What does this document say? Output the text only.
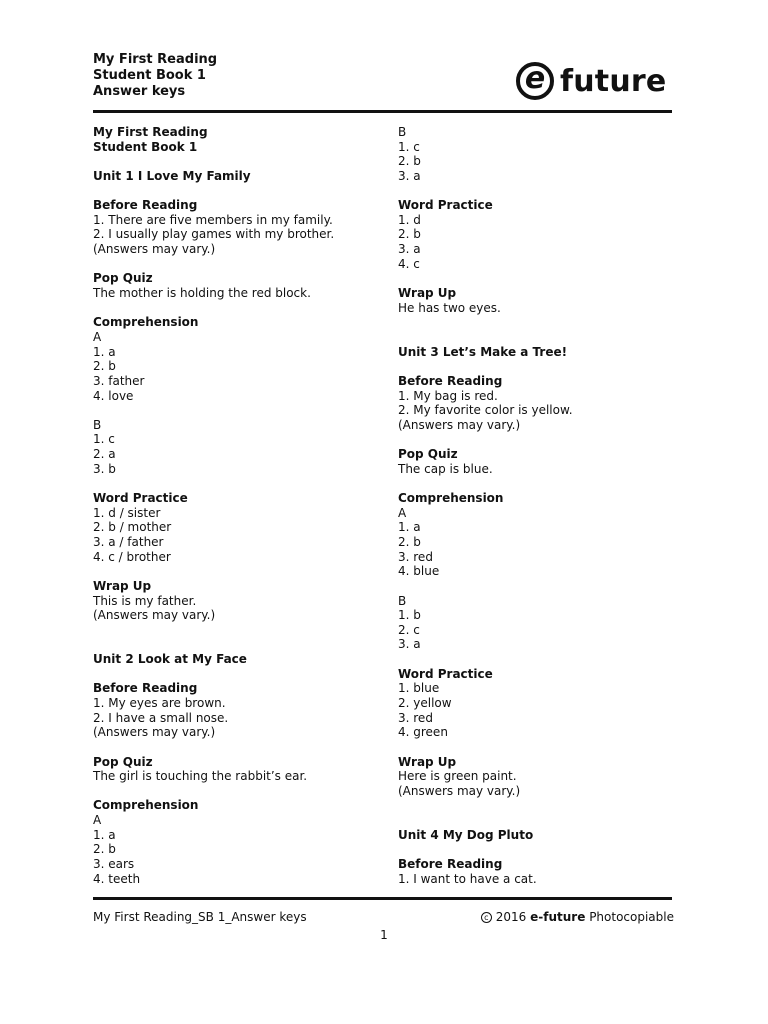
My First Reading
Student Book 1
Answer keys	e future
My First Reading
Student Book 1
Unit 1 I Love My Family
Before Reading
1. There are five members in my family.
2. I usually play games with my brother.
(Answers may vary.)
Pop Quiz
The mother is holding the red block.
Comprehension
A
1. a
2. b
3. father
4. love
B
1. c
2. a
3. b
Word Practice
1. d / sister
2. b / mother
3. a / father
4. c / brother
Wrap Up
This is my father.
(Answers may vary.)
Unit 2 Look at My Face
Before Reading
1. My eyes are brown.
2. I have a small nose.
(Answers may vary.)
Pop Quiz
The girl is touching the rabbit’s ear.
Comprehension
A
1. a
2. b
3. ears
4. teeth
B
1. c
2. b
3. a
Word Practice
1. d
2. b
3. a
4. c
Wrap Up
He has two eyes.
Unit 3 Let’s Make a Tree!
Before Reading
1. My bag is red.
2. My favorite color is yellow.
(Answers may vary.)
Pop Quiz
The cap is blue.
Comprehension
A
1. a
2. b
3. red
4. blue
B
1. b
2. c
3. a
Word Practice
1. blue
2. yellow
3. red
4. green
Wrap Up
Here is green paint.
(Answers may vary.)
Unit 4 My Dog Pluto
Before Reading
1. I want to have a cat.
My First Reading_SB 1_Answer keys	c 2016
e-future
Photocopiable
1
